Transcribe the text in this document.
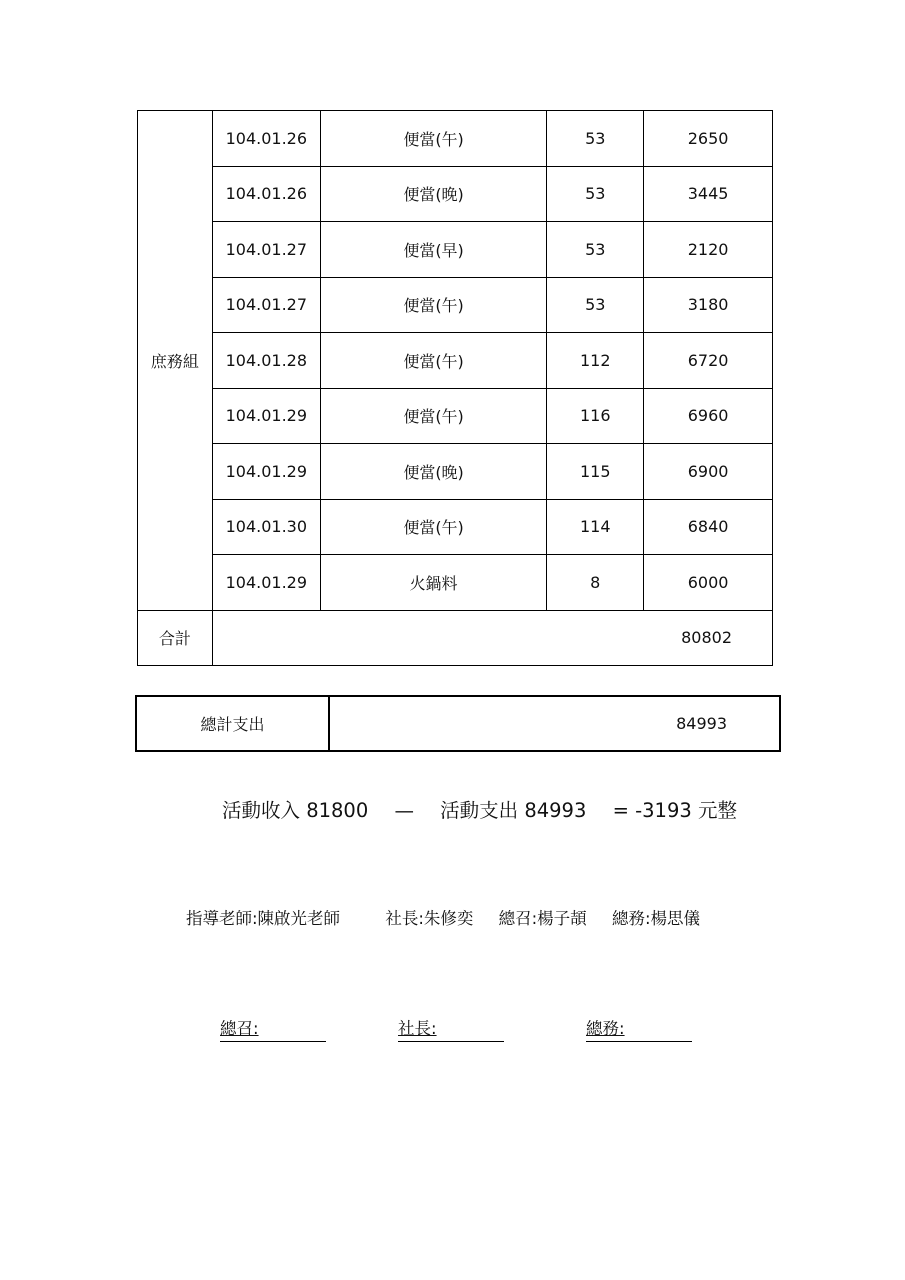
庶務組	104.01.26	便當(午)	53	2650
	104.01.26	便當(晚)	53	3445
	104.01.27	便當(早)	53	2120
	104.01.27	便當(午)	53	3180
	104.01.28	便當(午)	112	6720
	104.01.29	便當(午)	116	6960
	104.01.29	便當(晚)	115	6900
	104.01.30	便當(午)	114	6840
	104.01.29	火鍋料	8	6000
合計	80802			
總計支出	84993
活動收入 81800 — 活動支出 84993 = -3193 元整
指導老師:陳啟光老師	社長:朱修奕 總召:楊子頡 總務:楊思儀
總召:	社長:	總務:
